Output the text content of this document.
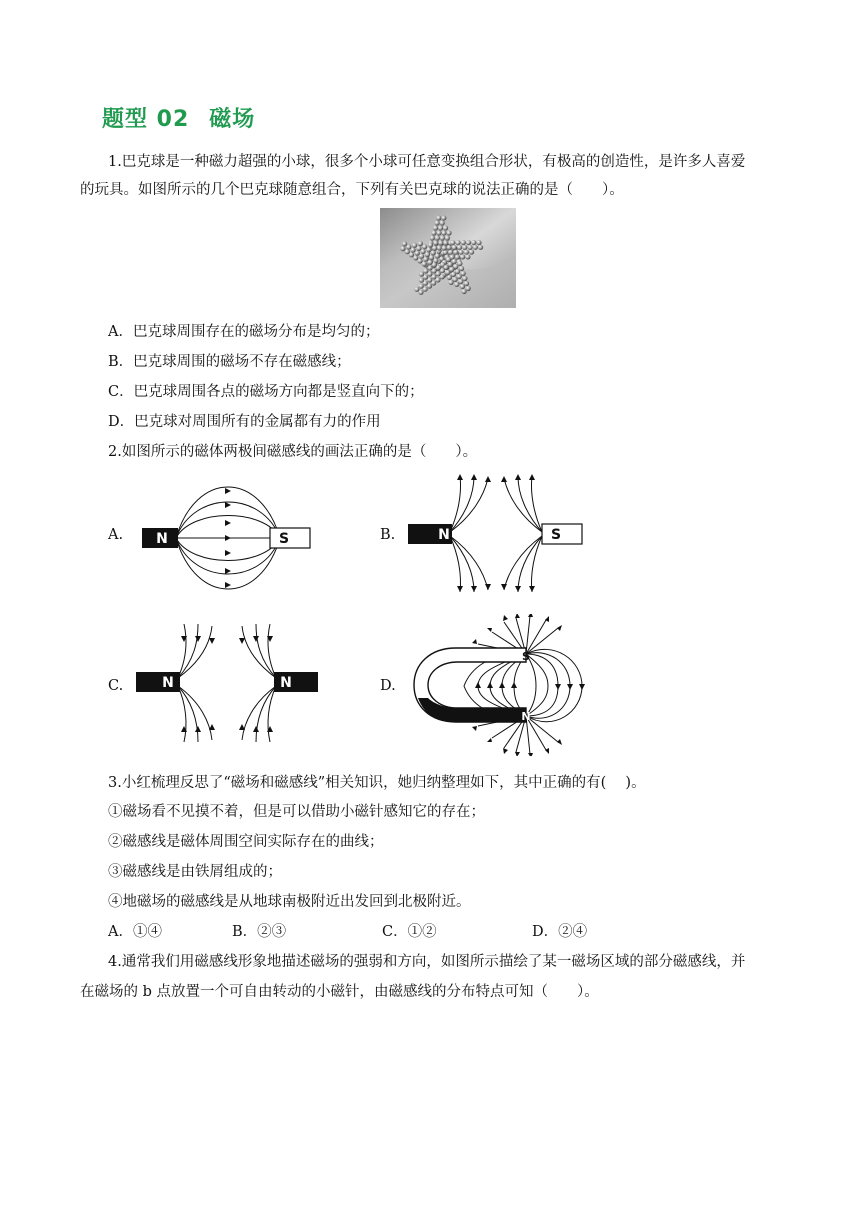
题型 02 磁场
1.巴克球是一种磁力超强的小球，很多个小球可任意变换组合形状，有极高的创造性，是许多人喜爱
的玩具。如图所示的几个巴克球随意组合，下列有关巴克球的说法正确的是（　　）。
A．巴克球周围存在的磁场分布是均匀的；
B．巴克球周围的磁场不存在磁感线；
C．巴克球周围各点的磁场方向都是竖直向下的；
D．巴克球对周围所有的金属都有力的作用
2.如图所示的磁体两极间磁感线的画法正确的是（　　）。
A.	B.
C.	D.
N	S	N	S
N	N
S
N
3.小红梳理反思了“磁场和磁感线”相关知识，她归纳整理如下，其中正确的有(　 )。
①磁场看不见摸不着，但是可以借助小磁针感知它的存在；
②磁感线是磁体周围空间实际存在的曲线；
③磁感线是由铁屑组成的；
④地磁场的磁感线是从地球南极附近出发回到北极附近。
A．①④	B．②③	C．①②	D．②④
4.通常我们用磁感线形象地描述磁场的强弱和方向，如图所示描绘了某一磁场区域的部分磁感线，并
在磁场的 b 点放置一个可自由转动的小磁针，由磁感线的分布特点可知（　　）。
